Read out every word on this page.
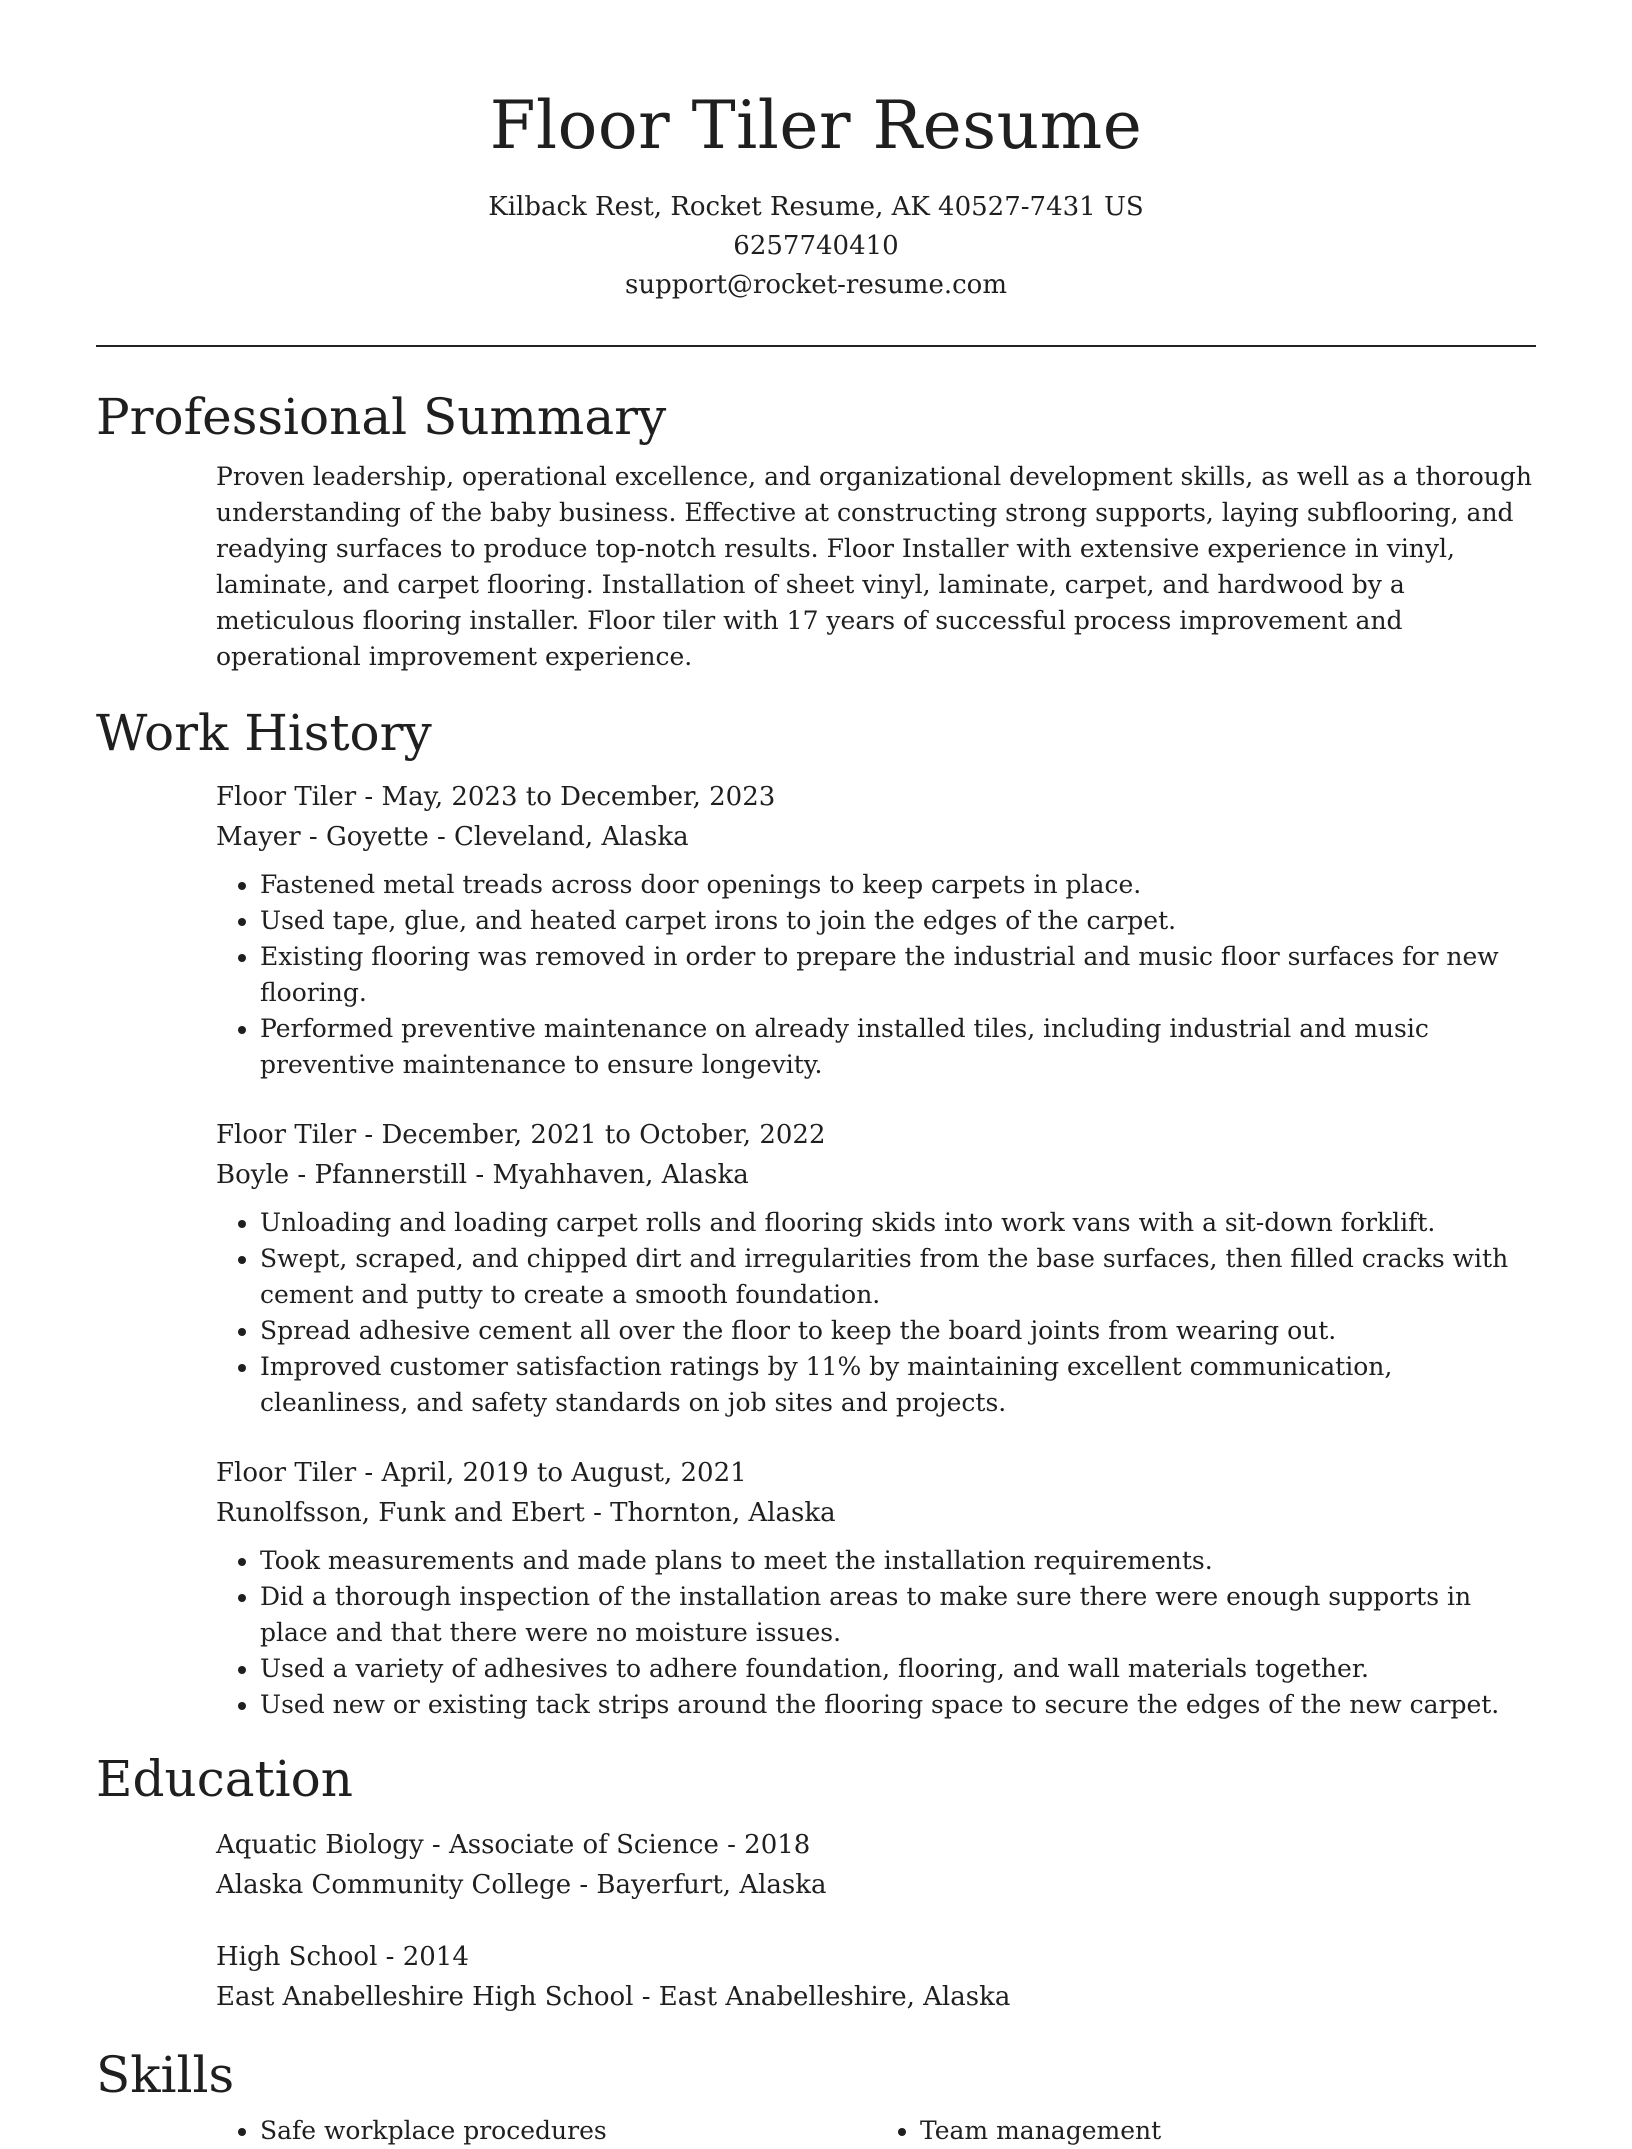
Floor Tiler Resume
Kilback Rest, Rocket Resume, AK 40527-7431 US
6257740410
support@rocket-resume.com
Professional Summary
Proven leadership, operational excellence, and organizational development skills, as well as a thorough understanding of the baby business. Effective at constructing strong supports, laying subflooring, and readying surfaces to produce top-notch results. Floor Installer with extensive experience in vinyl, laminate, and carpet flooring. Installation of sheet vinyl, laminate, carpet, and hardwood by a meticulous flooring installer. Floor tiler with 17 years of successful process improvement and operational improvement experience.
Work History
Floor Tiler - May, 2023 to December, 2023
Mayer - Goyette - Cleveland, Alaska
• Fastened metal treads across door openings to keep carpets in place.
• Used tape, glue, and heated carpet irons to join the edges of the carpet.
• Existing flooring was removed in order to prepare the industrial and music floor surfaces for new flooring.
• Performed preventive maintenance on already installed tiles, including industrial and music preventive maintenance to ensure longevity.
Floor Tiler - December, 2021 to October, 2022
Boyle - Pfannerstill - Myahhaven, Alaska
• Unloading and loading carpet rolls and flooring skids into work vans with a sit-down forklift.
• Swept, scraped, and chipped dirt and irregularities from the base surfaces, then filled cracks with cement and putty to create a smooth foundation.
• Spread adhesive cement all over the floor to keep the board joints from wearing out.
• Improved customer satisfaction ratings by 11% by maintaining excellent communication, cleanliness, and safety standards on job sites and projects.
Floor Tiler - April, 2019 to August, 2021
Runolfsson, Funk and Ebert - Thornton, Alaska
• Took measurements and made plans to meet the installation requirements.
• Did a thorough inspection of the installation areas to make sure there were enough supports in place and that there were no moisture issues.
• Used a variety of adhesives to adhere foundation, flooring, and wall materials together.
• Used new or existing tack strips around the flooring space to secure the edges of the new carpet.
Education
Aquatic Biology - Associate of Science - 2018
Alaska Community College - Bayerfurt, Alaska
High School - 2014
East Anabelleshire High School - East Anabelleshire, Alaska
Skills
• Safe workplace procedures
•	Team management
